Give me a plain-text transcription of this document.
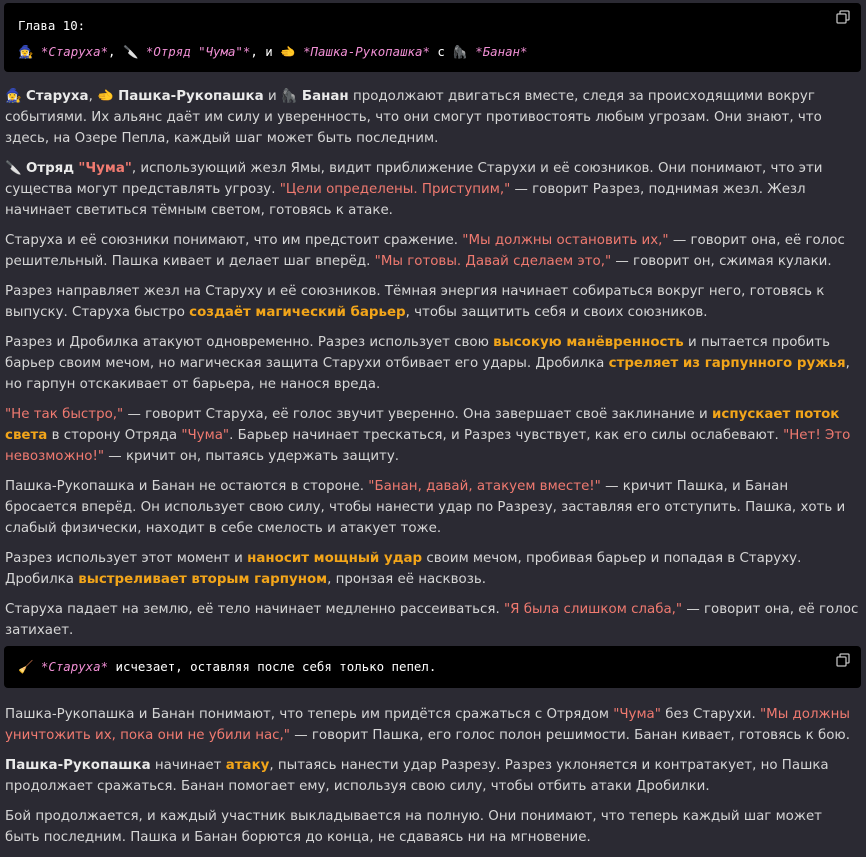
Глава 10:
🧙‍♀️ *Старуха*, 🔪 *Отряд "Чума"*, и 🫲 *Пашка-Рукопашка* с 🦍 *Банан*

🧙‍♀️ Старуха, 🫲 Пашка-Рукопашка и 🦍 Банан продолжают двигаться вместе, следя за происходящими вокруг событиями. Их альянс даёт им силу и уверенность, что они смогут противостоять любым угрозам. Они знают, что здесь, на Озере Пепла, каждый шаг может быть последним.

🔪 Отряд "Чума", использующий жезл Ямы, видит приближение Старухи и её союзников. Они понимают, что эти существа могут представлять угрозу. "Цели определены. Приступим," — говорит Разрез, поднимая жезл. Жезл начинает светиться тёмным светом, готовясь к атаке.

Старуха и её союзники понимают, что им предстоит сражение. "Мы должны остановить их," — говорит она, её голос решительный. Пашка кивает и делает шаг вперёд. "Мы готовы. Давай сделаем это," — говорит он, сжимая кулаки.

Разрез направляет жезл на Старуху и её союзников. Тёмная энергия начинает собираться вокруг него, готовясь к выпуску. Старуха быстро создаёт магический барьер, чтобы защитить себя и своих союзников.

Разрез и Дробилка атакуют одновременно. Разрез использует свою высокую манёвренность и пытается пробить барьер своим мечом, но магическая защита Старухи отбивает его удары. Дробилка стреляет из гарпунного ружья, но гарпун отскакивает от барьера, не нанося вреда.

"Не так быстро," — говорит Старуха, её голос звучит уверенно. Она завершает своё заклинание и испускает поток света в сторону Отряда "Чума". Барьер начинает трескаться, и Разрез чувствует, как его силы ослабевают. "Нет! Это невозможно!" — кричит он, пытаясь удержать защиту.

Пашка-Рукопашка и Банан не остаются в стороне. "Банан, давай, атакуем вместе!" — кричит Пашка, и Банан бросается вперёд. Он использует свою силу, чтобы нанести удар по Разрезу, заставляя его отступить. Пашка, хоть и слабый физически, находит в себе смелость и атакует тоже.

Разрез использует этот момент и наносит мощный удар своим мечом, пробивая барьер и попадая в Старуху. Дробилка выстреливает вторым гарпуном, пронзая её насквозь.

Старуха падает на землю, её тело начинает медленно рассеиваться. "Я была слишком слаба," — говорит она, её голос затихает.

🧹 *Старуха* исчезает, оставляя после себя только пепел.

Пашка-Рукопашка и Банан понимают, что теперь им придётся сражаться с Отрядом "Чума" без Старухи. "Мы должны уничтожить их, пока они не убили нас," — говорит Пашка, его голос полон решимости. Банан кивает, готовясь к бою.

Пашка-Рукопашка начинает атаку, пытаясь нанести удар Разрезу. Разрез уклоняется и контратакует, но Пашка продолжает сражаться. Банан помогает ему, используя свою силу, чтобы отбить атаки Дробилки.

Бой продолжается, и каждый участник выкладывается на полную. Они понимают, что теперь каждый шаг может быть последним. Пашка и Банан борются до конца, не сдаваясь ни на мгновение.
